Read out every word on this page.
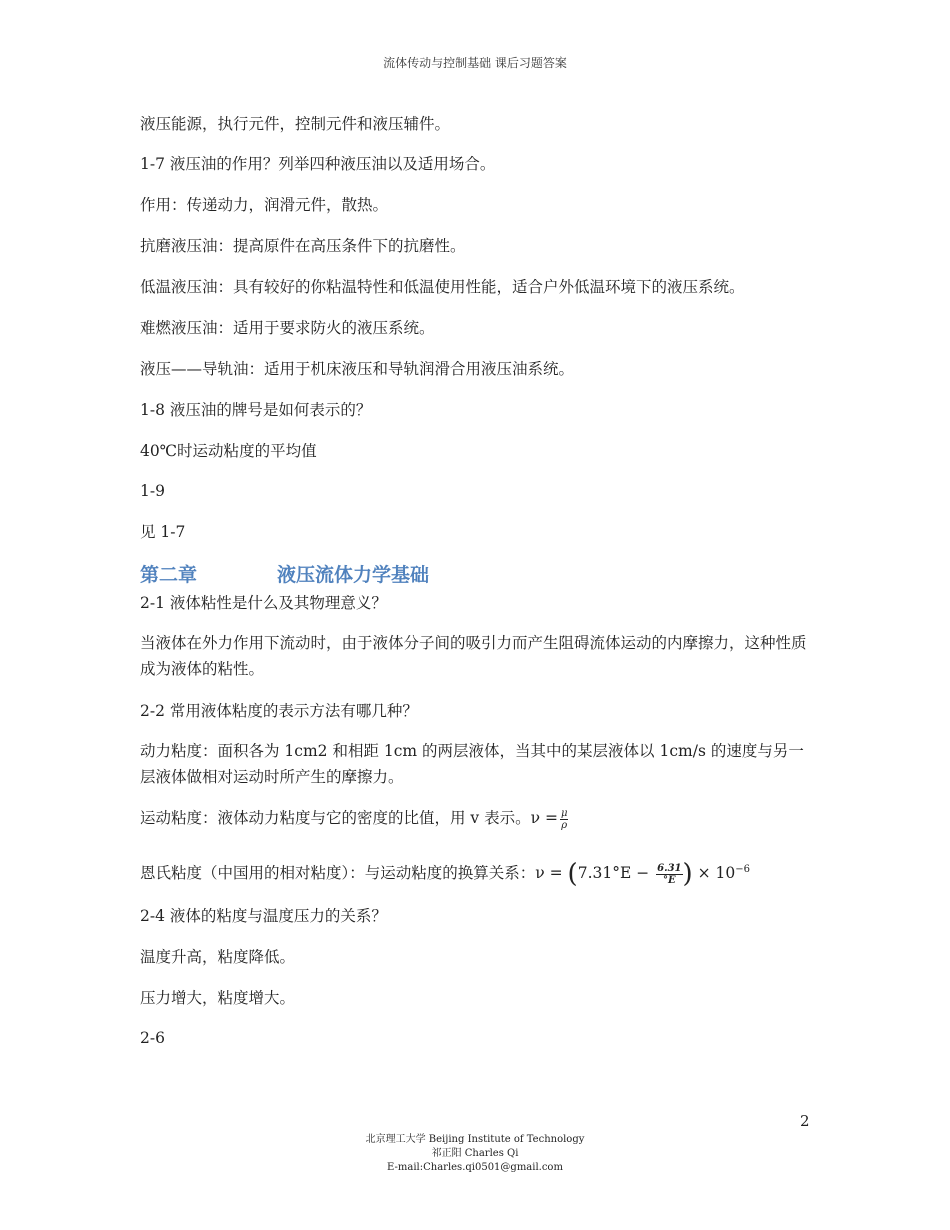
流体传动与控制基础 课后习题答案
液压能源，执行元件，控制元件和液压辅件。
1-7 液压油的作用？列举四种液压油以及适用场合。
作用：传递动力，润滑元件，散热。
抗磨液压油：提高原件在高压条件下的抗磨性。
低温液压油：具有较好的你粘温特性和低温使用性能，适合户外低温环境下的液压系统。
难燃液压油：适用于要求防火的液压系统。
液压——导轨油：适用于机床液压和导轨润滑合用液压油系统。
1-8 液压油的牌号是如何表示的？
40℃时运动粘度的平均值
1-9
见 1-7
第二章	液压流体力学基础
2-1 液体粘性是什么及其物理意义？
当液体在外力作用下流动时，由于液体分子间的吸引力而产生阻碍流体运动的内摩擦力，这种性质成为液体的粘性。
2-2 常用液体粘度的表示方法有哪几种？
动力粘度：面积各为 1cm2 和相距 1cm 的两层液体，当其中的某层液体以 1cm/s 的速度与另一层液体做相对运动时所产生的摩擦力。
运动粘度：液体动力粘度与它的密度的比值，用 v 表示。$\nu = \frac{\mu}{\rho}$
恩氏粘度（中国用的相对粘度）：与运动粘度的换算关系：$\nu = (7.31^\circ E - \frac{6.31}{^\circ E}$ ) × $10^{-6}$
2-4 液体的粘度与温度压力的关系？
温度升高，粘度降低。
压力增大，粘度增大。
2-6
2
北京理工大学 Beijing Institute of Technology
祁正阳 Charles Qi
E-mail:Charles.qi0501@gmail.com
